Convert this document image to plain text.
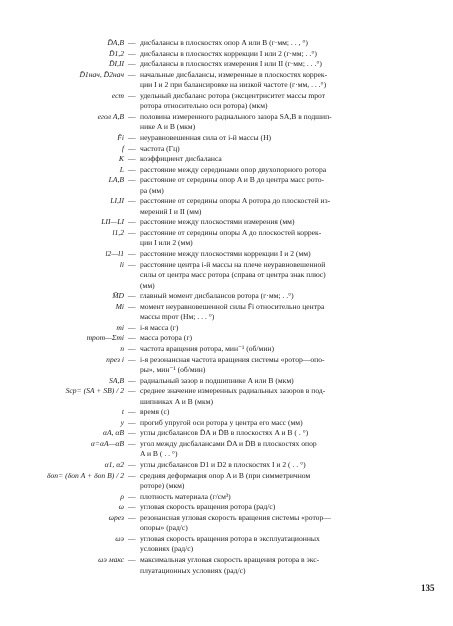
D̄A,B — дисбалансы в плоскостях опор A или B (г·мм; . . , °)
D̄1,2 — дисбалансы в плоскостях коррекции I или 2 (г·мм; . .°)
D̄I,II — дисбалансы в плоскостях измерения I или II (г·мм; . . .°)
D̄1нач, D̄2нач — начальные дисбалансы, измеренные в плоскостях коррек-
ции I и 2 при балансировке на низкой частоте (г·мм, . . .°)
eст — удельный дисбаланс ротора (эксцентриситет массы mрот
ротора относительно оси ротора) (мкм)
eгол A,B — половина измеренного радиального зазора SA,B в подшип-
нике A и B (мкм)
F̄i — неуравновешенная сила от i-й массы (Н)
f — частота (Гц)
K — коэффициент дисбаланса
L — расстояние между серединами опор двухопорного ротора
LA,B — расстояние от середины опор A и B до центра масс рото-
ра (мм)
LI,II — расстояние от середины опоры A ротора до плоскостей из-
мерений I и II (мм)
LII—LI — расстояние между плоскостями измерения (мм)
l1,2 — расстояние от середины опоры A до плоскостей коррек-
ции I или 2 (мм)
l2—l1 — расстояние между плоскостями коррекции I и 2 (мм)
li — расстояние центра i-й массы на плече неуравновешенной
силы от центра масс ротора (справа от центра знак плюс)
(мм)
M̄D — главный момент дисбалансов ротора (г·мм; . .°)
Mi — момент неуравновешенной силы F̄i относительно центра
массы mрот (Нм; . . . °)
mi — i-я масса (г)
mрот—Σmi — масса ротора (г)
n — частота вращения ротора, мин⁻¹ (об/мин)
nрез i — i-я резонансная частота вращения системы «ротор—опо-
ры», мин⁻¹ (об/мин)
SA,B — радиальный зазор в подшипнике A или B (мкм)
Sср= (SA + SB) / 2 — среднее значение измеренных радиальных зазоров в под-
шипниках A и B (мкм)
t — время (с)
y — прогиб упругой оси ротора у центра его масс (мм)
αA, αB — углы дисбалансов D̄A и D̄B в плоскостях A и B ( . °)
α=αA—αB — угол между дисбалансами D̄A и D̄B в плоскостях опор
A и B ( . . °)
α1, α2 — углы дисбалансов D1 и D2 в плоскостях I и 2 ( . . °)
δоп= (δоп A + δоп B) / 2 — средняя деформация опор A и B (при симметричном
роторе) (мкм)
ρ — плотность материала (г/см³)
ω — угловая скорость вращения ротора (рад/с)
ωрез — резонансная угловая скорость вращения системы «ротор—
опоры» (рад/с)
ωэ — угловая скорость вращения ротора в эксплуатационных
условиях (рад/с)
ωэ макс — максимальная угловая скорость вращения ротора в экс-
плуатационных условиях (рад/с)
135
